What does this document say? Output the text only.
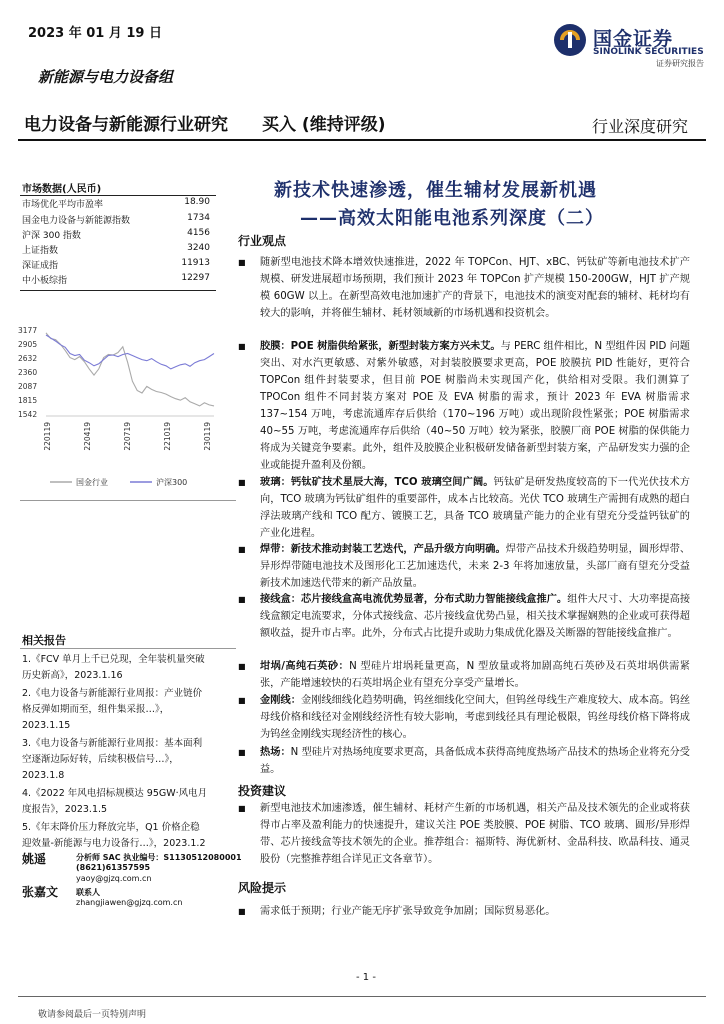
2023 年 01 月 19 日
新能源与电力设备组
电力设备与新能源行业研究 买入 (维持评级)	行业深度研究
国金证券
SINOLINK SECURITIES
证券研究报告
市场数据(人民币)
市场优化平均市盈率	18.90
国金电力设备与新能源指数	1734
沪深 300 指数	4156
上证指数	3240
深证成指	11913
中小板综指	12297
3177
2905
2632
2360
2087
1815
1542
220119	220419	220719	221019	230119
国金行业	沪深300
相关报告
1.《FCV 单月上千已兑现，全年装机量突破
历史新高》，2023.1.16
2.《电力设备与新能源行业周报：产业链价
格反弹如期而至，组件集采报…》，
2023.1.15
3.《电力设备与新能源行业周报：基本面利
空逐渐边际好转，后续积极信号…》，
2023.1.8
4.《2022 年风电招标规模达 95GW·风电月
度报告》，2023.1.5
5.《年末降价压力释放完毕，Q1 价格企稳
迎效量-新能源与电力设备行…》，2023.1.2
姚遥	分析师 SAC 执业编号：S1130512080001
(8621)61357595
yaoy@gjzq.com.cn
张嘉文 联系人
zhangjiawen@gjzq.com.cn
新技术快速渗透，催生辅材发展新机遇
——高效太阳能电池系列深度（二）
行业观点
■	随新型电池技术降本增效快速推进，2022 年 TOPCon、HJT、xBC、钙钛矿等新电池技术扩产规模、研发进展超市场预期，我们预计 2023 年 TOPCon 扩产规模 150-200GW，HJT 扩产规模 60GW 以上。在新型高效电池加速扩产的背景下，电池技术的演变对配套的辅材、耗材均有较大的影响，并将催生辅材、耗材领域新的市场机遇和投资机会。
■	胶膜：POE 树脂供给紧张，新型封装方案方兴未艾。与 PERC 组件相比，N 型组件因 PID 问题突出、对水汽更敏感、对紫外敏感，对封装胶膜要求更高，POE 胶膜抗 PID 性能好，更符合 TOPCon 组件封装要求，但目前 POE 树脂尚未实现国产化，供给相对受限。我们测算了 TPOCon 组件不同封装方案对 POE 及 EVA 树脂的需求，预计 2023 年 EVA 树脂需求 137~154 万吨，考虑流通库存后供给（170~196 万吨）或出现阶段性紧张；POE 树脂需求 40~55 万吨，考虑流通库存后供给（40~50 万吨）较为紧张，胶膜厂商 POE 树脂的保供能力将成为关键竞争要素。此外，组件及胶膜企业积极研发储备新型封装方案，产品研发实力强的企业或能提升盈利及份额。
■	玻璃：钙钛矿技术星辰大海，TCO 玻璃空间广阔。钙钛矿是研发热度较高的下一代光伏技术方向，TCO 玻璃为钙钛矿组件的重要部件，成本占比较高。光伏 TCO 玻璃生产需拥有成熟的超白浮法玻璃产线和 TCO 配方、镀膜工艺，具备 TCO 玻璃量产能力的企业有望充分受益钙钛矿的产业化进程。
■	焊带：新技术推动封装工艺迭代，产品升级方向明确。焊带产品技术升级趋势明显，圆形焊带、异形焊带随电池技术及图形化工艺加速迭代，未来 2-3 年将加速放量，头部厂商有望充分受益新技术加速迭代带来的新产品放量。
■	接线盒：芯片接线盒高电流优势显著，分布式助力智能接线盒推广。组件大尺寸、大功率提高接线盒额定电流要求，分体式接线盒、芯片接线盒优势凸显，相关技术掌握娴熟的企业或可获得超额收益，提升市占率。此外，分布式占比提升或助力集成优化器及关断器的智能接线盒推广。
■	坩埚/高纯石英砂：N 型硅片坩埚耗量更高，N 型放量或将加剧高纯石英砂及石英坩埚供需紧张，产能增速较快的石英坩埚企业有望充分享受产量增长。
■	金刚线：金刚线细线化趋势明确，钨丝细线化空间大，但钨丝母线生产难度较大、成本高。钨丝母线价格和线径对金刚线经济性有较大影响，考虑到线径具有理论极限，钨丝母线价格下降将成为钨丝金刚线实现经济性的核心。
■	热场：N 型硅片对热场纯度要求更高，具备低成本获得高纯度热场产品技术的热场企业将充分受益。
投资建议
■	新型电池技术加速渗透，催生辅材、耗材产生新的市场机遇，相关产品及技术领先的企业或将获得市占率及盈利能力的快速提升，建议关注 POE 类胶膜、POE 树脂、TCO 玻璃、圆形/异形焊带、芯片接线盒等技术领先的企业。推荐组合：福斯特、海优新材、金晶科技、欧晶科技、通灵股份（完整推荐组合详见正文各章节）。
风险提示
■	需求低于预期；行业产能无序扩张导致竞争加剧；国际贸易恶化。
- 1 -
敬请参阅最后一页特别声明
